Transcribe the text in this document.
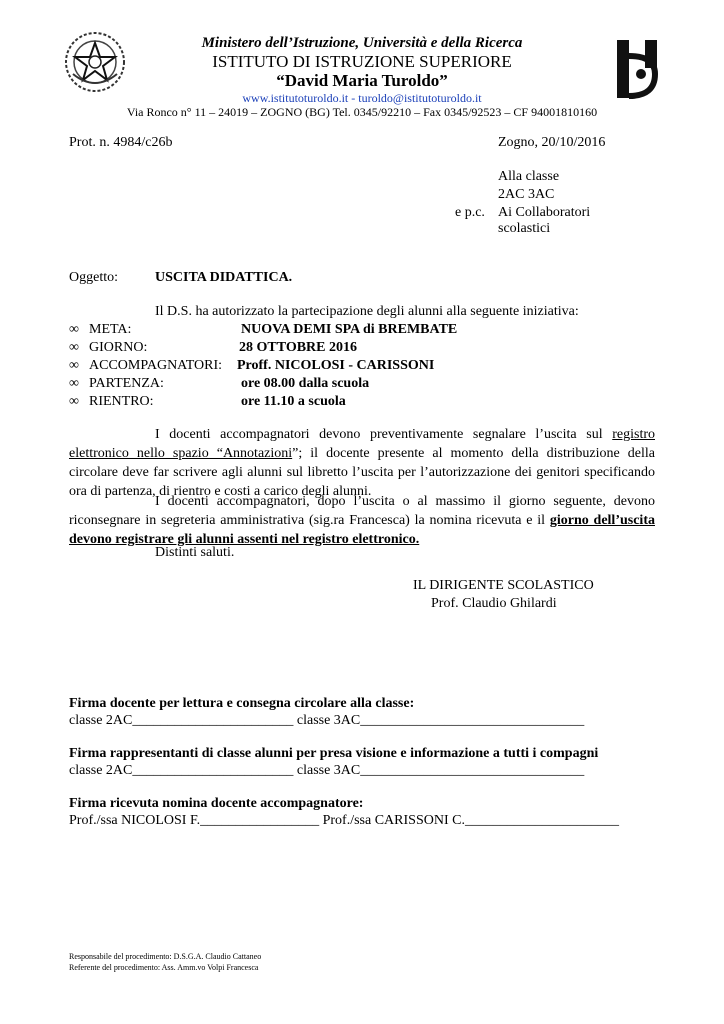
Ministero dell’Istruzione, Università e della Ricerca
ISTITUTO DI ISTRUZIONE SUPERIORE
“David Maria Turoldo”
www.istitutoturoldo.it - turoldo@istitutoturoldo.it
Via Ronco n° 11 – 24019 – ZOGNO (BG) Tel. 0345/92210 – Fax 0345/92523 – CF 94001810160
Prot. n. 4984/c26b	Zogno, 20/10/2016
Alla classe
2AC 3AC
e p.c. Ai Collaboratori
scolastici
Oggetto:	USCITA DIDATTICA.
Il D.S. ha autorizzato la partecipazione degli alunni alla seguente iniziativa:
∞ META:	NUOVA DEMI SPA di BREMBATE
∞ GIORNO:	28 OTTOBRE 2016
∞ ACCOMPAGNATORI: Proff. NICOLOSI - CARISSONI
∞ PARTENZA:	ore 08.00 dalla scuola
∞ RIENTRO:	ore 11.10 a scuola
I docenti accompagnatori devono preventivamente segnalare l’uscita sul registro elettronico nello spazio “Annotazioni”; il docente presente al momento della distribuzione della circolare deve far scrivere agli alunni sul libretto l’uscita per l’autorizzazione dei genitori specificando ora di partenza, di rientro e costi a carico degli alunni.
I docenti accompagnatori, dopo l’uscita o al massimo il giorno seguente, devono riconsegnare in segreteria amministrativa (sig.ra Francesca) la nomina ricevuta e il giorno dell’uscita devono registrare gli alunni assenti nel registro elettronico.
Distinti saluti.
IL DIRIGENTE SCOLASTICO
Prof. Claudio Ghilardi
Firma docente per lettura e consegna circolare alla classe:
classe 2AC_______________________ classe 3AC________________________________
Firma rappresentanti di classe alunni per presa visione e informazione a tutti i compagni
classe 2AC_______________________ classe 3AC________________________________
Firma ricevuta nomina docente accompagnatore:
Prof./ssa NICOLOSI F._________________ Prof./ssa CARISSONI C.______________________
Responsabile del procedimento: D.S.G.A. Claudio Cattaneo
Referente del procedimento: Ass. Amm.vo Volpi Francesca
